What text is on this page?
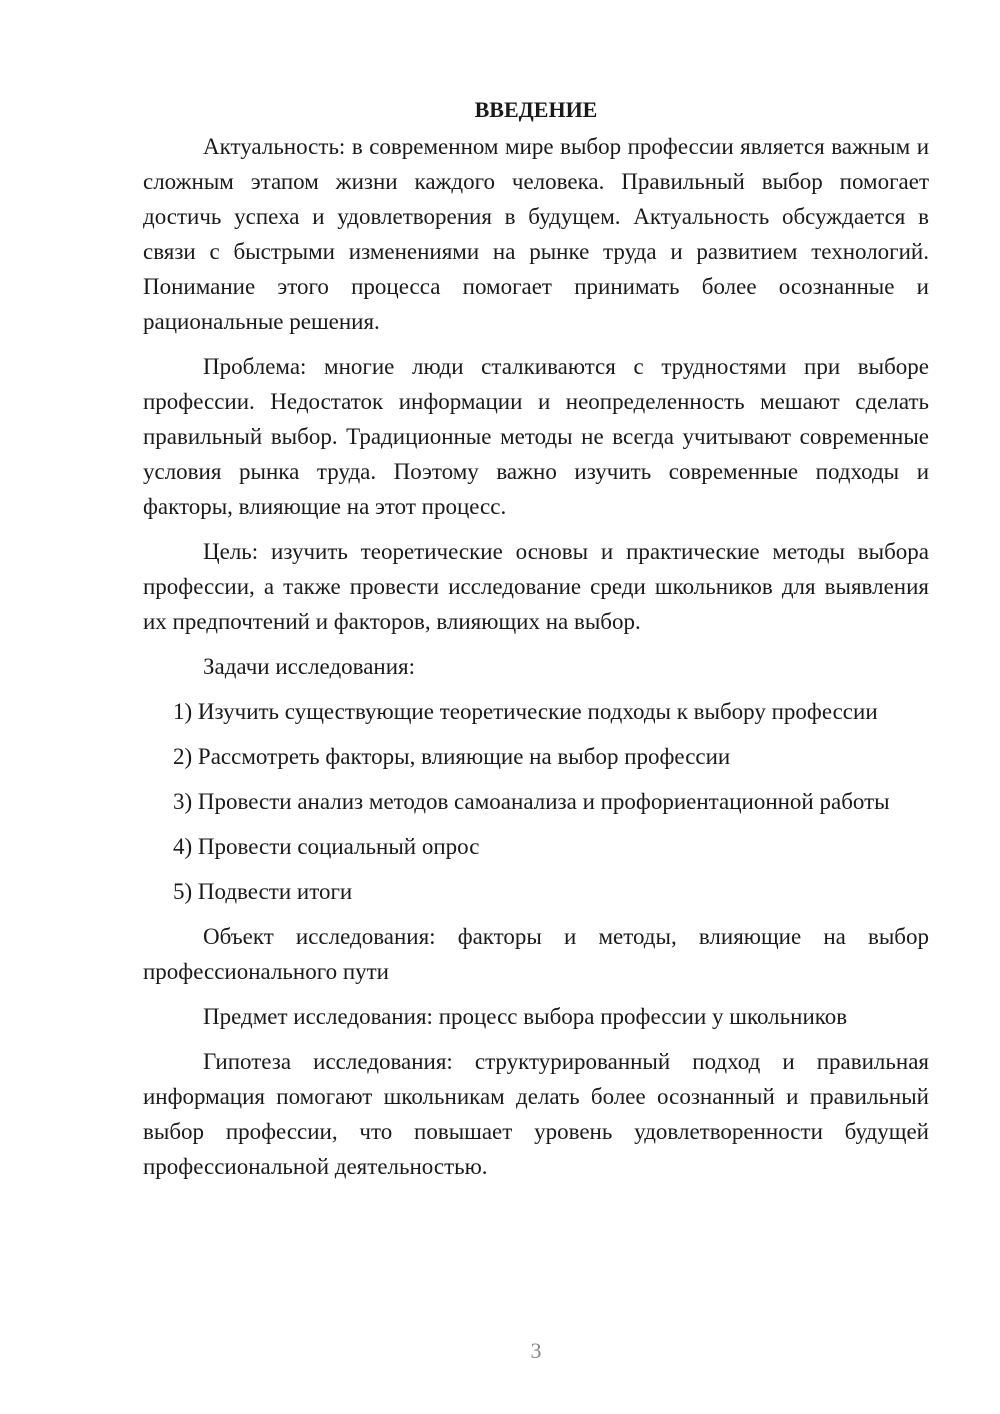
ВВЕДЕНИЕ

Актуальность: в современном мире выбор профессии является важным и сложным этапом жизни каждого человека. Правильный выбор помогает достичь успеха и удовлетворения в будущем. Актуальность обсуждается в связи с быстрыми изменениями на рынке труда и развитием технологий. Понимание этого процесса помогает принимать более осознанные и рациональные решения.

Проблема: многие люди сталкиваются с трудностями при выборе профессии. Недостаток информации и неопределенность мешают сделать правильный выбор. Традиционные методы не всегда учитывают современные условия рынка труда. Поэтому важно изучить современные подходы и факторы, влияющие на этот процесс.

Цель: изучить теоретические основы и практические методы выбора профессии, а также провести исследование среди школьников для выявления их предпочтений и факторов, влияющих на выбор.

Задачи исследования:

1) Изучить существующие теоретические подходы к выбору профессии

2) Рассмотреть факторы, влияющие на выбор профессии

3) Провести анализ методов самоанализа и профориентационной работы

4) Провести социальный опрос

5) Подвести итоги

Объект исследования: факторы и методы, влияющие на выбор профессионального пути

Предмет исследования: процесс выбора профессии у школьников

Гипотеза исследования: структурированный подход и правильная информация помогают школьникам делать более осознанный и правильный выбор профессии, что повышает уровень удовлетворенности будущей профессиональной деятельностью.

3
